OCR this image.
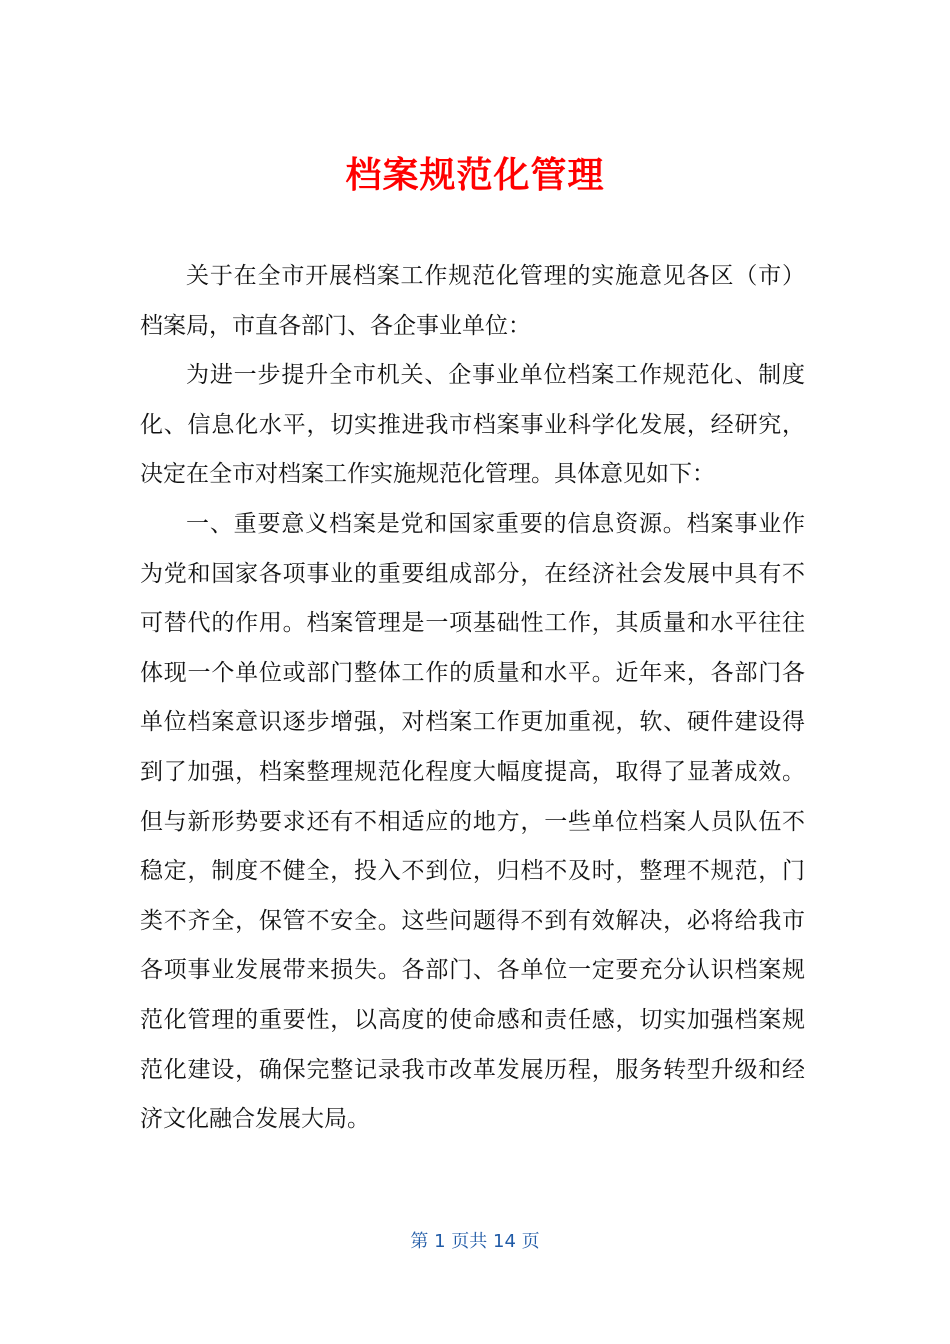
档案规范化管理

关于在全市开展档案工作规范化管理的实施意见各区（市）档案局，市直各部门、各企事业单位：

为进一步提升全市机关、企事业单位档案工作规范化、制度化、信息化水平，切实推进我市档案事业科学化发展，经研究，决定在全市对档案工作实施规范化管理。具体意见如下：

一、重要意义档案是党和国家重要的信息资源。档案事业作为党和国家各项事业的重要组成部分，在经济社会发展中具有不可替代的作用。档案管理是一项基础性工作，其质量和水平往往体现一个单位或部门整体工作的质量和水平。近年来，各部门各单位档案意识逐步增强，对档案工作更加重视，软、硬件建设得到了加强，档案整理规范化程度大幅度提高，取得了显著成效。但与新形势要求还有不相适应的地方，一些单位档案人员队伍不稳定，制度不健全，投入不到位，归档不及时，整理不规范，门类不齐全，保管不安全。这些问题得不到有效解决，必将给我市各项事业发展带来损失。各部门、各单位一定要充分认识档案规范化管理的重要性，以高度的使命感和责任感，切实加强档案规范化建设，确保完整记录我市改革发展历程，服务转型升级和经济文化融合发展大局。

第 1 页共 14 页
